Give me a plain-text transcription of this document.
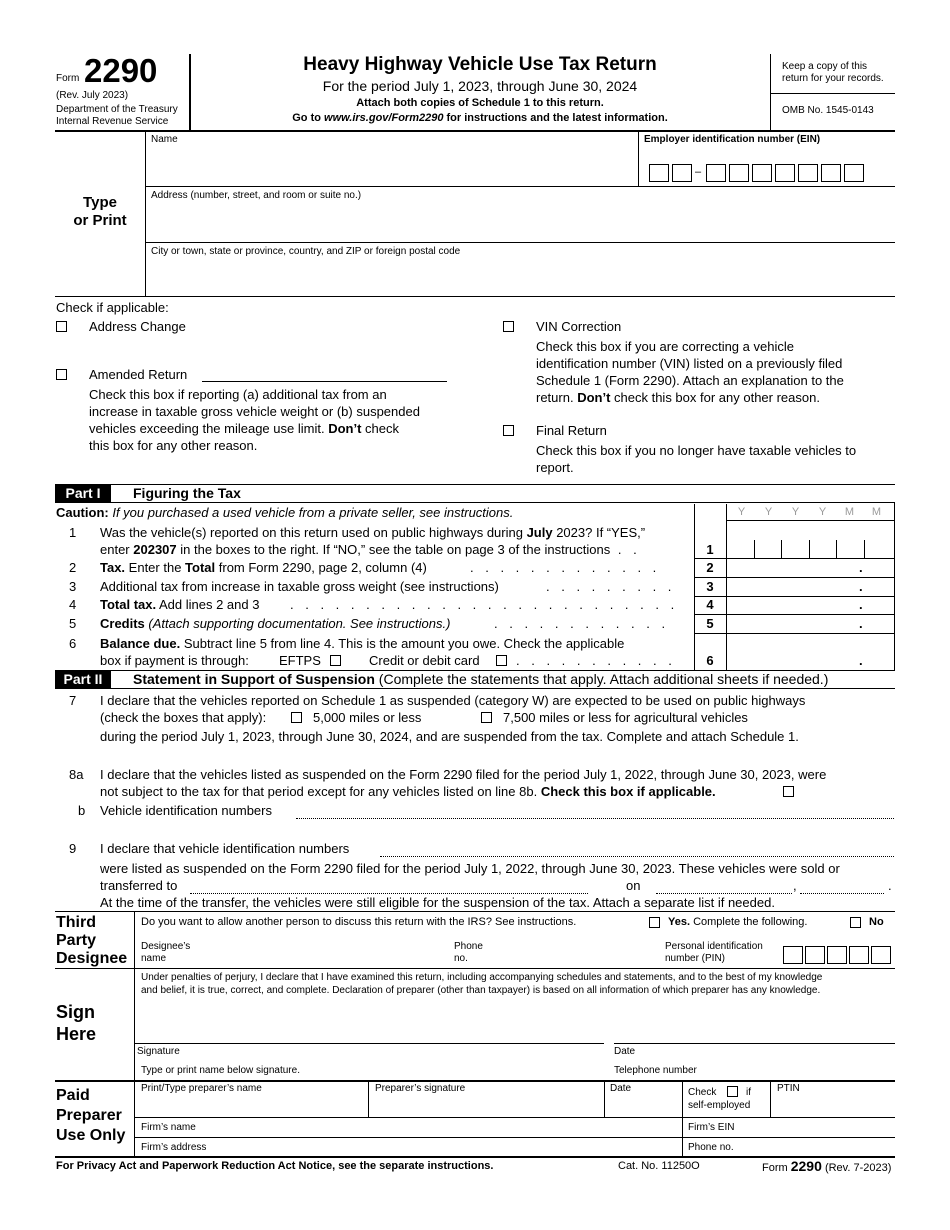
Form 2290
(Rev. July 2023)
Department of the Treasury
Internal Revenue Service
Heavy Highway Vehicle Use Tax Return
For the period July 1, 2023, through June 30, 2024
Attach both copies of Schedule 1 to this return.
Go to www.irs.gov/Form2290 for instructions and the latest information.
Keep a copy of this
return for your records.
OMB No. 1545-0143
Type
or Print
Name	Employer identification number (EIN)
–
Address (number, street, and room or suite no.)
City or town, state or province, country, and ZIP or foreign postal code
Check if applicable:
Address Change
Amended Return
Check this box if reporting (a) additional tax from an
increase in taxable gross vehicle weight or (b) suspended
vehicles exceeding the mileage use limit. Don’t check
this box for any other reason.
VIN Correction
Check this box if you are correcting a vehicle
identification number (VIN) listed on a previously filed
Schedule 1 (Form 2290). Attach an explanation to the
return. Don’t check this box for any other reason.
Final Return
Check this box if you no longer have taxable vehicles to
report.
Part I	Figuring the Tax
Caution: If you purchased a used vehicle from a private seller, see instructions.	Y	Y	Y	Y	M	M
1 Was the vehicle(s) reported on this return used on public highways during July 2023? If “YES,”
enter 202307 in the boxes to the right. If “NO,” see the table on page 3 of the instructions . .	1
2 Tax. Enter the Total from Form 2290, page 2, column (4)	. . . . . . . . . . . . .	2	.
3 Additional tax from increase in taxable gross weight (see instructions)	. . . . . . . . .	3	.
4 Total tax. Add lines 2 and 3 . . . . . . . . . . . . . . . . . . . . . . . . . .	4	.
5 Credits (Attach supporting documentation. See instructions.)	. . . . . . . . . . . .	5	.
6 Balance due. Subtract line 5 from line 4. This is the amount you owe. Check the applicable
box if payment is through: EFTPS	Credit or debit card	. . . . . . . . . . .	6	.
Part II	Statement in Support of Suspension (Complete the statements that apply. Attach additional sheets if needed.)
7 I declare that the vehicles reported on Schedule 1 as suspended (category W) are expected to be used on public highways
(check the boxes that apply):	5,000 miles or less	7,500 miles or less for agricultural vehicles
during the period July 1, 2023, through June 30, 2024, and are suspended from the tax. Complete and attach Schedule 1.
8a I declare that the vehicles listed as suspended on the Form 2290 filed for the period July 1, 2022, through June 30, 2023, were
not subject to the tax for that period except for any vehicles listed on line 8b. Check this box if applicable.
b Vehicle identification numbers
9 I declare that vehicle identification numbers
were listed as suspended on the Form 2290 filed for the period July 1, 2022, through June 30, 2023. These vehicles were sold or
transferred to	on	,	.
At the time of the transfer, the vehicles were still eligible for the suspension of the tax. Attach a separate list if needed.
Third
Party
Designee
Do you want to allow another person to discuss this return with the IRS? See instructions.	Yes. Complete the following.	No
Designee’s
name
Phone
no.
Personal identification
number (PIN)
Sign
Here
Under penalties of perjury, I declare that I have examined this return, including accompanying schedules and statements, and to the best of my knowledge
and belief, it is true, correct, and complete. Declaration of preparer (other than taxpayer) is based on all information of which preparer has any knowledge.
Signature	Date
Type or print name below signature.	Telephone number
Paid
Preparer
Use Only
Print/Type preparer’s name	Preparer’s signature	Date	Check	if
self-employed
PTIN
Firm’s name	Firm’s EIN
Firm’s address	Phone no.
For Privacy Act and Paperwork Reduction Act Notice, see the separate instructions.	Cat. No. 11250O	Form 2290 (Rev. 7-2023)
